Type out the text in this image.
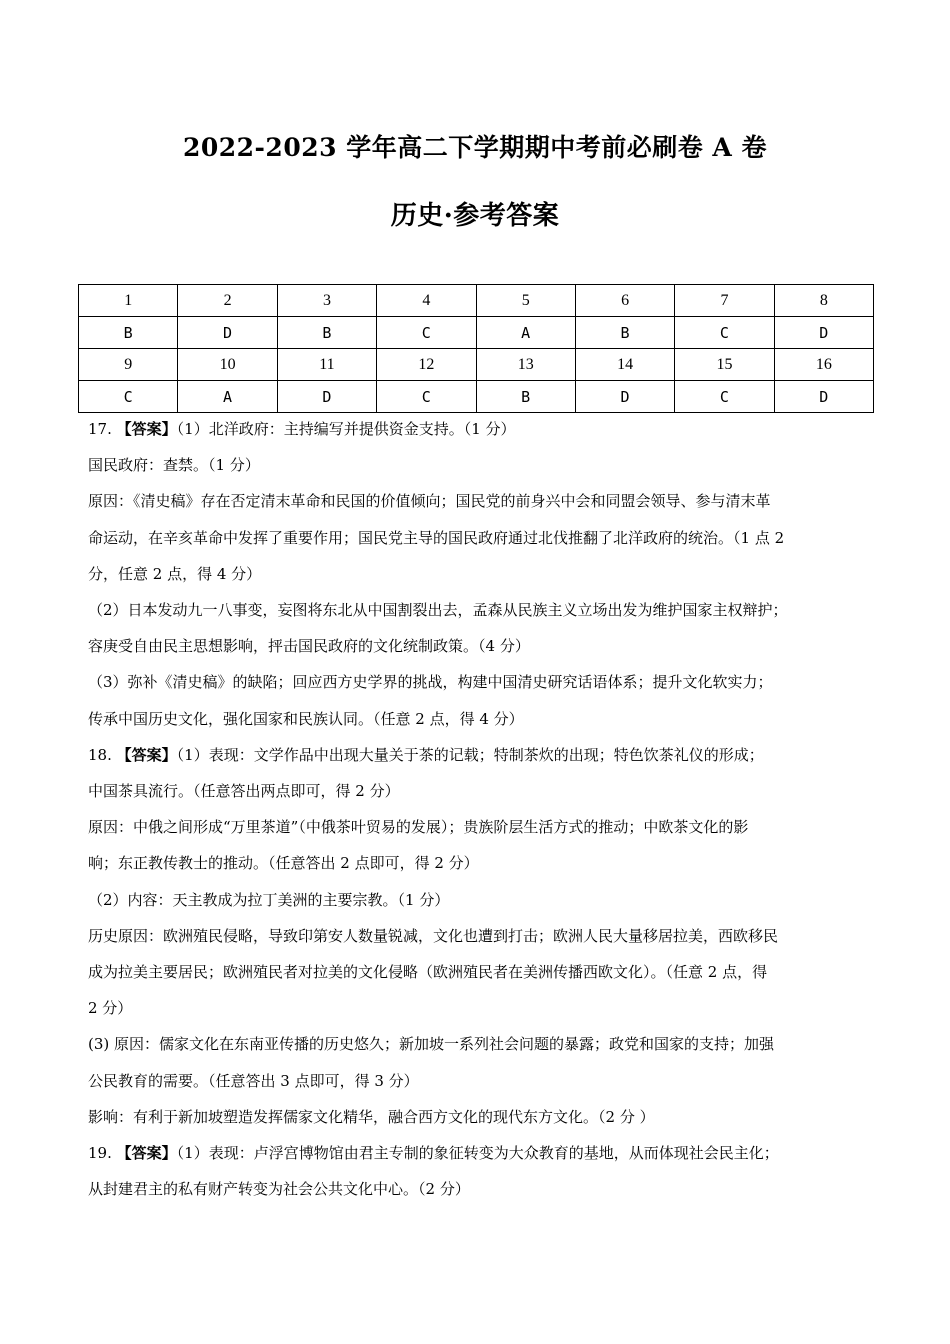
2022-2023 学年高二下学期期中考前必刷卷 A 卷
历史·参考答案
1	2	3	4	5	6	7	8
B	D	B	C	A	B	C	D
9	10	11	12	13	14	15	16
C	A	D	C	B	D	C	D

17. 【答案】（1）北洋政府：主持编写并提供资金支持。（1 分）

国民政府：查禁。（1 分）

原因：《清史稿》存在否定清末革命和民国的价值倾向；国民党的前身兴中会和同盟会领导、参与清末革

命运动，在辛亥革命中发挥了重要作用；国民党主导的国民政府通过北伐推翻了北洋政府的统治。（1 点 2

分，任意 2 点，得 4 分）

（2）日本发动九一八事变，妄图将东北从中国割裂出去，孟森从民族主义立场出发为维护国家主权辩护；

容庚受自由民主思想影响，抨击国民政府的文化统制政策。（4 分）

（3）弥补《清史稿》的缺陷；回应西方史学界的挑战，构建中国清史研究话语体系；提升文化软实力；

传承中国历史文化，强化国家和民族认同。（任意 2 点，得 4 分）

18. 【答案】（1）表现：文学作品中出现大量关于茶的记载；特制茶炊的出现；特色饮茶礼仪的形成；

中国茶具流行。（任意答出两点即可，得 2 分）

原因：中俄之间形成“万里茶道”（中俄茶叶贸易的发展）；贵族阶层生活方式的推动；中欧茶文化的影

响；东正教传教士的推动。（任意答出 2 点即可，得 2 分）

（2）内容：天主教成为拉丁美洲的主要宗教。（1 分）

历史原因：欧洲殖民侵略，导致印第安人数量锐减，文化也遭到打击；欧洲人民大量移居拉美，西欧移民

成为拉美主要居民；欧洲殖民者对拉美的文化侵略（欧洲殖民者在美洲传播西欧文化）。（任意 2 点，得

2 分）

(3) 原因：儒家文化在东南亚传播的历史悠久；新加坡一系列社会问题的暴露；政党和国家的支持；加强

公民教育的需要。（任意答出 3 点即可，得 3 分）

影响：有利于新加坡塑造发挥儒家文化精华，融合西方文化的现代东方文化。（2 分 ）

19. 【答案】（1）表现：卢浮宫博物馆由君主专制的象征转变为大众教育的基地，从而体现社会民主化；

从封建君主的私有财产转变为社会公共文化中心。（2 分）
